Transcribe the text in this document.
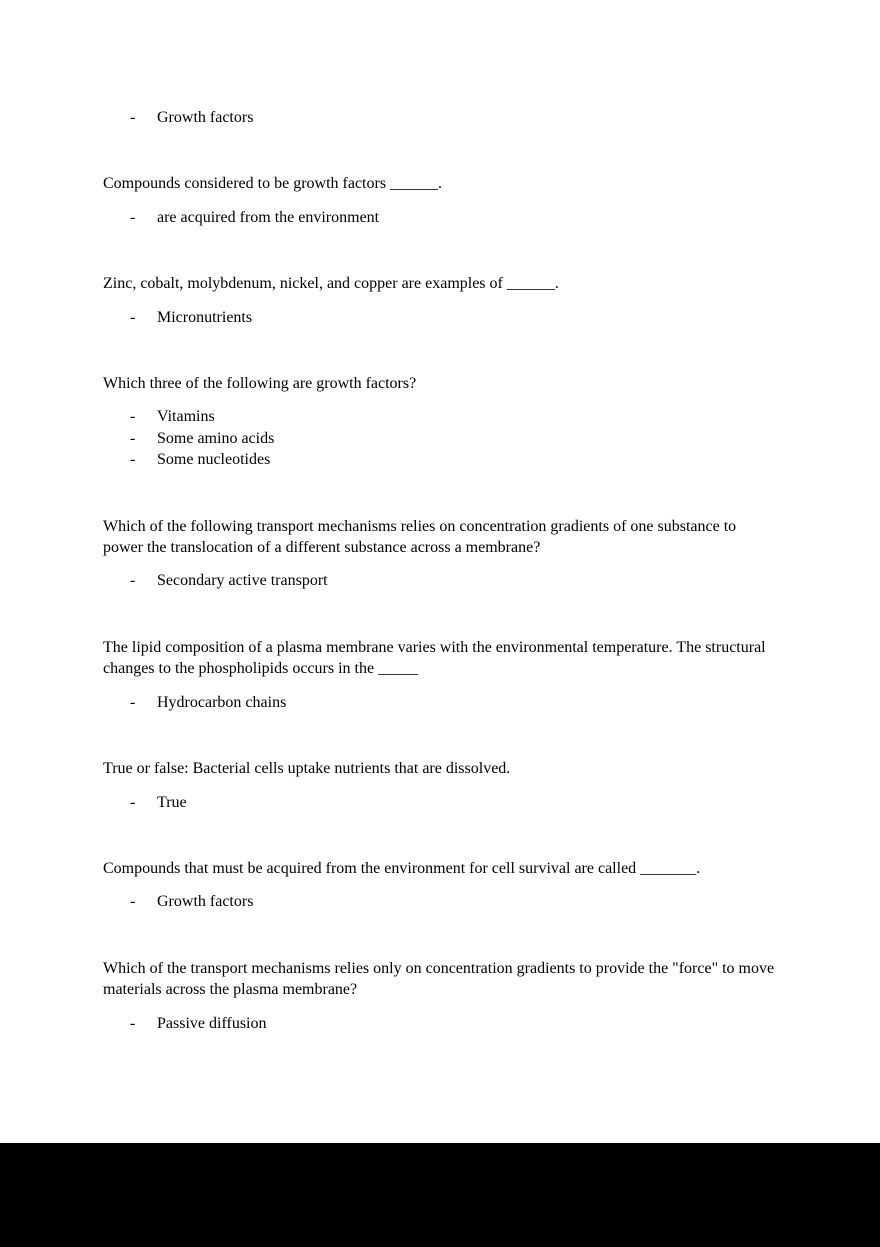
-	Growth factors

Compounds considered to be growth factors ______.

-	are acquired from the environment

Zinc, cobalt, molybdenum, nickel, and copper are examples of ______.

-	Micronutrients

Which three of the following are growth factors?

-	Vitamins
-	Some amino acids
-	Some nucleotides

Which of the following transport mechanisms relies on concentration gradients of one substance to power the translocation of a different substance across a membrane?

-	Secondary active transport

The lipid composition of a plasma membrane varies with the environmental temperature. The structural changes to the phospholipids occurs in the _____

-	Hydrocarbon chains

True or false: Bacterial cells uptake nutrients that are dissolved.

-	True

Compounds that must be acquired from the environment for cell survival are called _______.

-	Growth factors

Which of the transport mechanisms relies only on concentration gradients to provide the "force" to move materials across the plasma membrane?

-	Passive diffusion
